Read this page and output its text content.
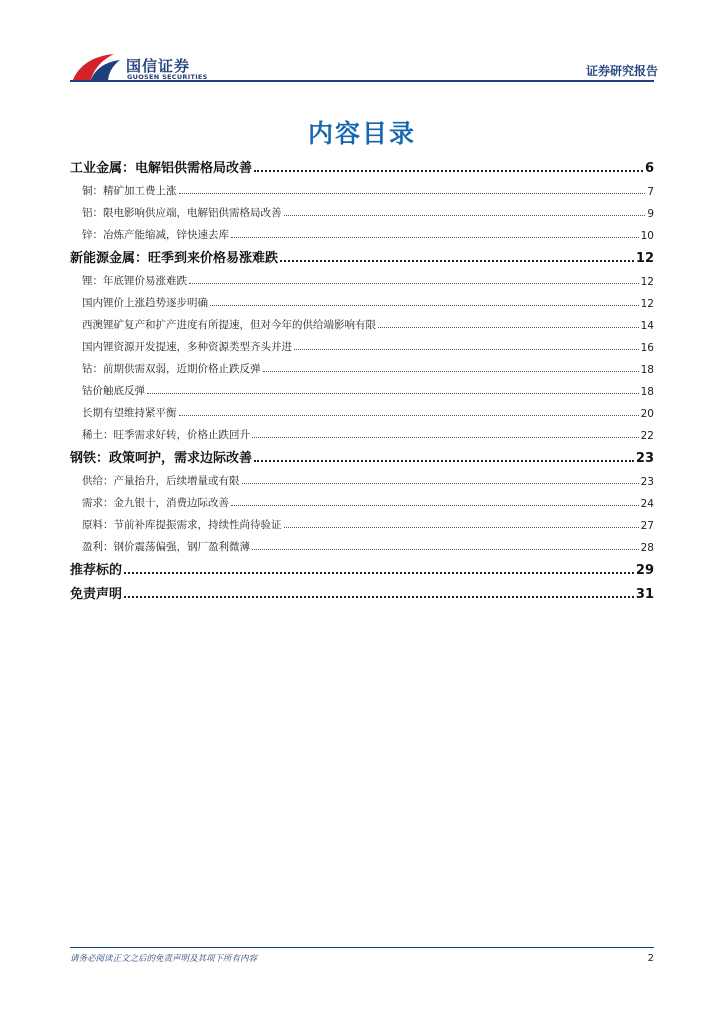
国信证券
GUOSEN SECURITIES	证券研究报告
内容目录
工业金属：电解铝供需格局改善	6
铜：精矿加工费上涨	7
铝：限电影响供应端，电解铝供需格局改善	9
锌：冶炼产能缩减，锌快速去库	10
新能源金属：旺季到来价格易涨难跌	12
锂：年底锂价易涨难跌	12
国内锂价上涨趋势逐步明确	12
西澳锂矿复产和扩产进度有所提速，但对今年的供给端影响有限	14
国内锂资源开发提速，多种资源类型齐头并进	16
钴：前期供需双弱，近期价格止跌反弹	18
钴价触底反弹	18
长期有望维持紧平衡	20
稀土：旺季需求好转，价格止跌回升	22
钢铁：政策呵护，需求边际改善	23
供给：产量抬升，后续增量或有限	23
需求：金九银十，消费边际改善	24
原料：节前补库提振需求，持续性尚待验证	27
盈利：钢价震荡偏强，钢厂盈利微薄	28
推荐标的	29
免责声明	31
请务必阅读正文之后的免责声明及其项下所有内容	2
